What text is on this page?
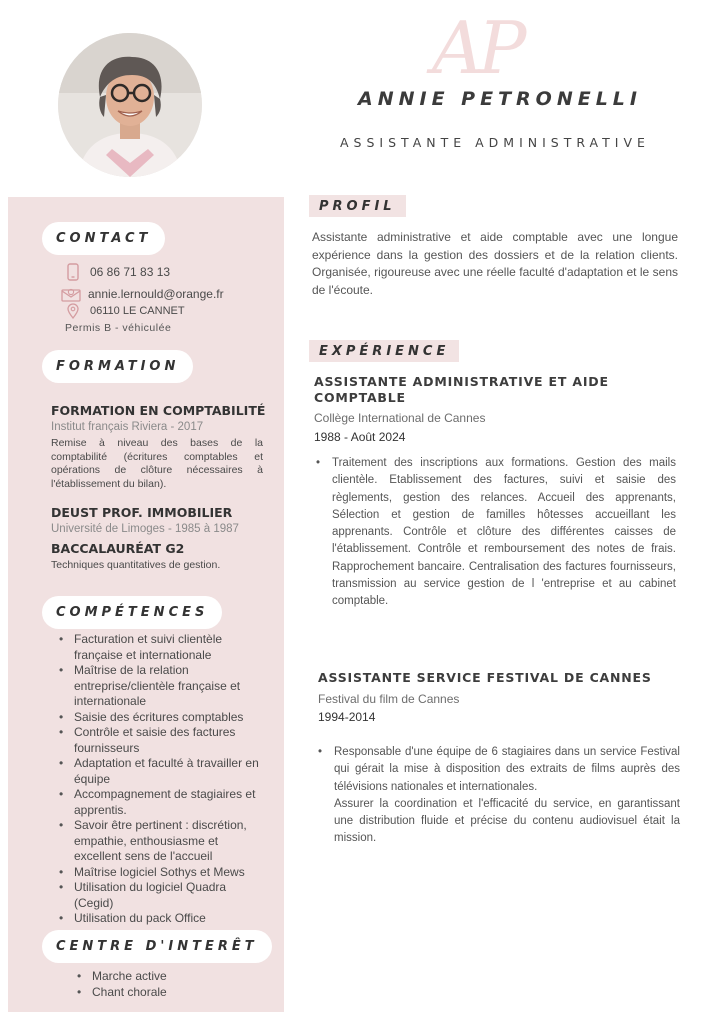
AP
ANNIE PETRONELLI
ASSISTANTE ADMINISTRATIVE
CONTACT
06 86 71 83 13
annie.lernould@orange.fr
06110 LE CANNET
Permis B - véhiculée
FORMATION
FORMATION EN COMPTABILITÉ
Institut français Riviera - 2017
Remise à niveau des bases de la comptabilité (écritures comptables et opérations de clôture nécessaires à l'établissement du bilan).
DEUST PROF. IMMOBILIER
Université de Limoges - 1985 à 1987
BACCALAURÉAT G2
Techniques quantitatives de gestion.
COMPÉTENCES
• Facturation et suivi clientèle française et internationale
• Maîtrise de la relation entreprise/clientèle française et internationale
• Saisie des écritures comptables
• Contrôle et saisie des factures fournisseurs
• Adaptation et faculté à travailler en équipe
• Accompagnement de stagiaires et apprentis.
• Savoir être pertinent : discrétion, empathie, enthousiasme et excellent sens de l'accueil
• Maîtrise logiciel Sothys et Mews
• Utilisation du logiciel Quadra (Cegid)
• Utilisation du pack Office
CENTRE D'INTERÊT
• Marche active
• Chant chorale
PROFIL
Assistante administrative et aide comptable avec une longue expérience dans la gestion des dossiers et de la relation clients. Organisée, rigoureuse avec une réelle faculté d'adaptation et le sens de l'écoute.
EXPÉRIENCE
ASSISTANTE ADMINISTRATIVE ET AIDE COMPTABLE
Collège International de Cannes
1988 - Août 2024
• Traitement des inscriptions aux formations. Gestion des mails clientèle. Etablissement des factures, suivi et saisie des règlements, gestion des relances. Accueil des apprenants, Sélection et gestion de familles hôtesses accueillant les apprenants. Contrôle et clôture des différentes caisses de l'établissement. Contrôle et remboursement des notes de frais. Rapprochement bancaire. Centralisation des factures fournisseurs, transmission au service gestion de l 'entreprise et au cabinet comptable.
ASSISTANTE SERVICE FESTIVAL DE CANNES
Festival du film de Cannes
1994-2014
• Responsable d'une équipe de 6 stagiaires dans un service Festival qui gérait la mise à disposition des extraits de films auprès des télévisions nationales et internationales.
Assurer la coordination et l'efficacité du service, en garantissant une distribution fluide et précise du contenu audiovisuel était la mission.
